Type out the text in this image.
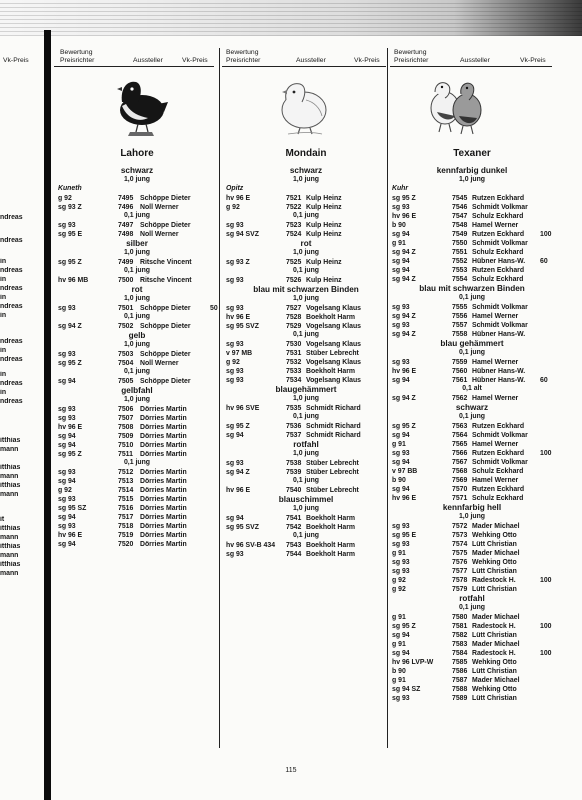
Vk-Preis
Bewertung
Preisrichter	Aussteller	Vk-Preis
Bewertung
Preisrichter	Aussteller	Vk-Preis
Bewertung
Preisrichter	Aussteller	Vk-Preis
ndreas
ndreas
in
ndreas
in
ndreas
in
ndreas
in
ndreas
in
ndreas
in
ndreas
in
ndreas
itthias
mann
itthias
mann
itthias
mann
it
itthias
mann
itthias
mann
itthias
mann
Lahore
schwarz
1,0 jung
Kuneth
g 92	7495 Schöppe Dieter
sg 93 Z	7496 Noll Werner
0,1 jung
sg 93	7497 Schöppe Dieter
sg 95 E	7498 Noll Werner
silber
1,0 jung
sg 95 Z	7499 Ritsche Vincent
0,1 jung
hv 96 MB	7500 Ritsche Vincent
rot
1,0 jung
sg 93	7501 Schöppe Dieter	50
0,1 jung
sg 94 Z	7502 Schöppe Dieter
gelb
1,0 jung
sg 93	7503 Schöppe Dieter
sg 95 Z	7504 Noll Werner
0,1 jung
sg 94	7505 Schöppe Dieter
gelbfahl
1,0 jung
sg 93	7506 Dörries Martin
sg 93	7507 Dörries Martin
hv 96 E	7508 Dörries Martin
sg 94	7509 Dörries Martin
sg 94	7510 Dörries Martin
sg 95 Z	7511 Dörries Martin
0,1 jung
sg 93	7512 Dörries Martin
sg 94	7513 Dörries Martin
g 92	7514 Dörries Martin
sg 93	7515 Dörries Martin
sg 95 SZ	7516 Dörries Martin
sg 94	7517 Dörries Martin
sg 93	7518 Dörries Martin
hv 96 E	7519 Dörries Martin
sg 94	7520 Dörries Martin
Mondain
schwarz
1,0 jung
Opitz
hv 96 E	7521 Kulp Heinz
g 92	7522 Kulp Heinz
0,1 jung
sg 93	7523 Kulp Heinz
sg 94 SVZ	7524 Kulp Heinz
rot
1,0 jung
sg 93 Z	7525 Kulp Heinz
0,1 jung
sg 93	7526 Kulp Heinz
blau mit schwarzen Binden
1,0 jung
sg 93	7527 Vogelsang Klaus
hv 96 E	7528 Boekholt Harm
sg 95 SVZ	7529 Vogelsang Klaus
0,1 jung
sg 93	7530 Vogelsang Klaus
v 97 MB	7531 Stüber Lebrecht
g 92	7532 Vogelsang Klaus
sg 93	7533 Boekholt Harm
sg 93	7534 Vogelsang Klaus
blaugehämmert
1,0 jung
hv 96 SVE	7535 Schmidt Richard
0,1 jung
sg 95 Z	7536 Schmidt Richard
sg 94	7537 Schmidt Richard
rotfahl
1,0 jung
sg 93	7538 Stüber Lebrecht
sg 94 Z	7539 Stüber Lebrecht
0,1 jung
hv 96 E	7540 Stüber Lebrecht
blauschimmel
1,0 jung
sg 94	7541 Boekholt Harm
sg 95 SVZ	7542 Boekholt Harm
0,1 jung
hv 96 SV-B 434 7543 Boekholt Harm
sg 93	7544 Boekholt Harm
Texaner
kennfarbig dunkel
1,0 jung
Kuhr
sg 95 Z	7545 Rutzen Eckhard
sg 93	7546 Schmidt Volkmar
hv 96 E	7547 Schulz Eckhard
b 90	7548 Hamel Werner
sg 94	7549 Rutzen Eckhard 100
g 91	7550 Schmidt Volkmar
sg 94 Z	7551 Schulz Eckhard
sg 94	7552 Hübner Hans-W. 60
sg 94	7553 Rutzen Eckhard
sg 94 Z	7554 Schulz Eckhard
blau mit schwarzen Binden
0,1 jung
sg 93	7555 Schmidt Volkmar
sg 94 Z	7556 Hamel Werner
sg 93	7557 Schmidt Volkmar
sg 94 Z	7558 Hübner Hans-W.
blau gehämmert
0,1 jung
sg 93	7559 Hamel Werner
hv 96 E	7560 Hübner Hans-W.
sg 94	7561 Hübner Hans-W. 60
0,1 alt
sg 94 Z	7562 Hamel Werner
schwarz
0,1 jung
sg 95 Z	7563 Rutzen Eckhard
sg 94	7564 Schmidt Volkmar
g 91	7565 Hamel Werner
sg 93	7566 Rutzen Eckhard 100
sg 94	7567 Schmidt Volkmar
v 97 BB	7568 Schulz Eckhard
b 90	7569 Hamel Werner
sg 94	7570 Rutzen Eckhard
hv 96 E	7571 Schulz Eckhard
kennfarbig hell
1,0 jung
sg 93	7572 Mader Michael
sg 95 E	7573 Wehking Otto
sg 93	7574 Lütt Christian
g 91	7575 Mader Michael
sg 93	7576 Wehking Otto
sg 93	7577 Lütt Christian
g 92	7578 Radestock H.	100
g 92	7579 Lütt Christian
rotfahl
0,1 jung
g 91	7580 Mader Michael
sg 95 Z	7581 Radestock H.	100
sg 94	7582 Lütt Christian
g 91	7583 Mader Michael
sg 94	7584 Radestock H.	100
hv 96 LVP-W	7585 Wehking Otto
b 90	7586 Lütt Christian
g 91	7587 Mader Michael
sg 94 SZ	7588 Wehking Otto
sg 93	7589 Lütt Christian
115
